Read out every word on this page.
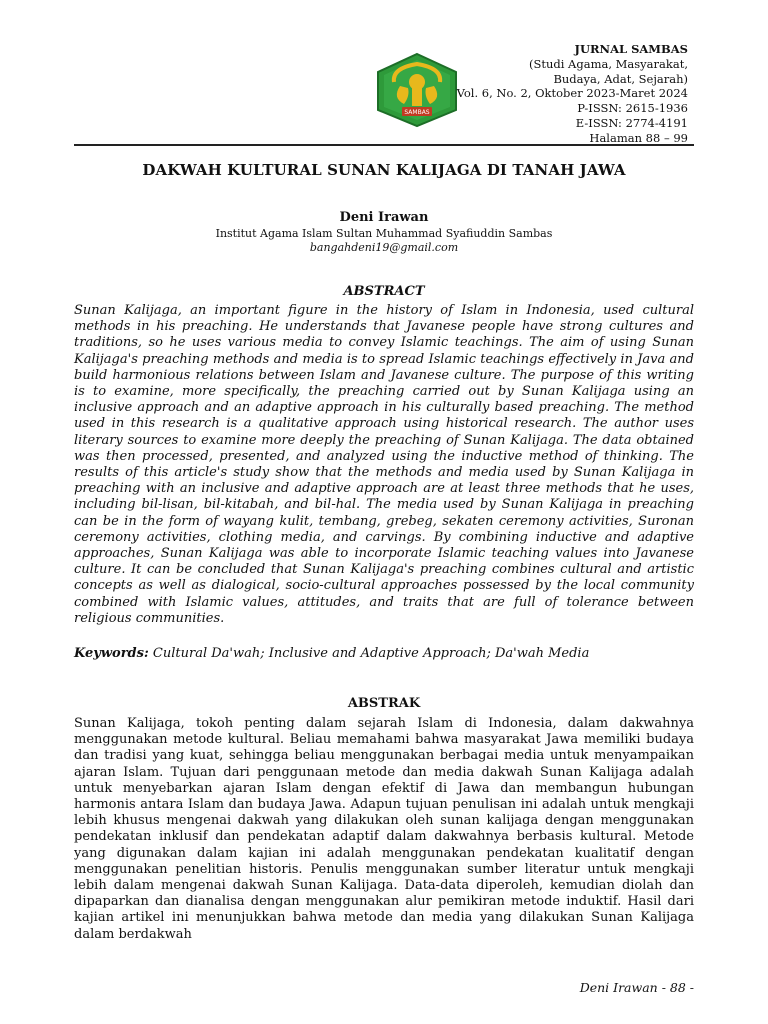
SAMBAS
JURNAL SAMBAS
(Studi Agama, Masyarakat,
Budaya, Adat, Sejarah)
Vol. 6, No. 2, Oktober 2023-Maret 2024
P-ISSN: 2615-1936
E-ISSN: 2774-4191
Halaman 88 – 99
DAKWAH KULTURAL SUNAN KALIJAGA DI TANAH JAWA
Deni Irawan
Institut Agama Islam Sultan Muhammad Syafiuddin Sambas
bangahdeni19@gmail.com
ABSTRACT

Sunan Kalijaga, an important figure in the history of Islam in Indonesia, used cultural methods in his preaching. He understands that Javanese people have strong cultures and traditions, so he uses various media to convey Islamic teachings. The aim of using Sunan Kalijaga's preaching methods and media is to spread Islamic teachings effectively in Java and build harmonious relations between Islam and Javanese culture. The purpose of this writing is to examine, more specifically, the preaching carried out by Sunan Kalijaga using an inclusive approach and an adaptive approach in his culturally based preaching. The method used in this research is a qualitative approach using historical research. The author uses literary sources to examine more deeply the preaching of Sunan Kalijaga. The data obtained was then processed, presented, and analyzed using the inductive method of thinking. The results of this article's study show that the methods and media used by Sunan Kalijaga in preaching with an inclusive and adaptive approach are at least three methods that he uses, including bil-lisan, bil-kitabah, and bil-hal. The media used by Sunan Kalijaga in preaching can be in the form of wayang kulit, tembang, grebeg, sekaten ceremony activities, Suronan ceremony activities, clothing media, and carvings. By combining inductive and adaptive approaches, Sunan Kalijaga was able to incorporate Islamic teaching values into Javanese culture. It can be concluded that Sunan Kalijaga's preaching combines cultural and artistic concepts as well as dialogical, socio-cultural approaches possessed by the local community combined with Islamic values, attitudes, and traits that are full of tolerance between religious communities.

Keywords: Cultural Da'wah; Inclusive and Adaptive Approach; Da'wah Media
ABSTRAK

Sunan Kalijaga, tokoh penting dalam sejarah Islam di Indonesia, dalam dakwahnya menggunakan metode kultural. Beliau memahami bahwa masyarakat Jawa memiliki budaya dan tradisi yang kuat, sehingga beliau menggunakan berbagai media untuk menyampaikan ajaran Islam. Tujuan dari penggunaan metode dan media dakwah Sunan Kalijaga adalah untuk menyebarkan ajaran Islam dengan efektif di Jawa dan membangun hubungan harmonis antara Islam dan budaya Jawa. Adapun tujuan penulisan ini adalah untuk mengkaji lebih khusus mengenai dakwah yang dilakukan oleh sunan kalijaga dengan menggunakan pendekatan inklusif dan pendekatan adaptif dalam dakwahnya berbasis kultural. Metode yang digunakan dalam kajian ini adalah menggunakan pendekatan kualitatif dengan menggunakan penelitian historis. Penulis menggunakan sumber literatur untuk mengkaji lebih dalam mengenai dakwah Sunan Kalijaga. Data-data diperoleh, kemudian diolah dan dipaparkan dan dianalisa dengan menggunakan alur pemikiran metode induktif. Hasil dari kajian artikel ini menunjukkan bahwa metode dan media yang dilakukan Sunan Kalijaga dalam berdakwah

Deni Irawan - 88 -
